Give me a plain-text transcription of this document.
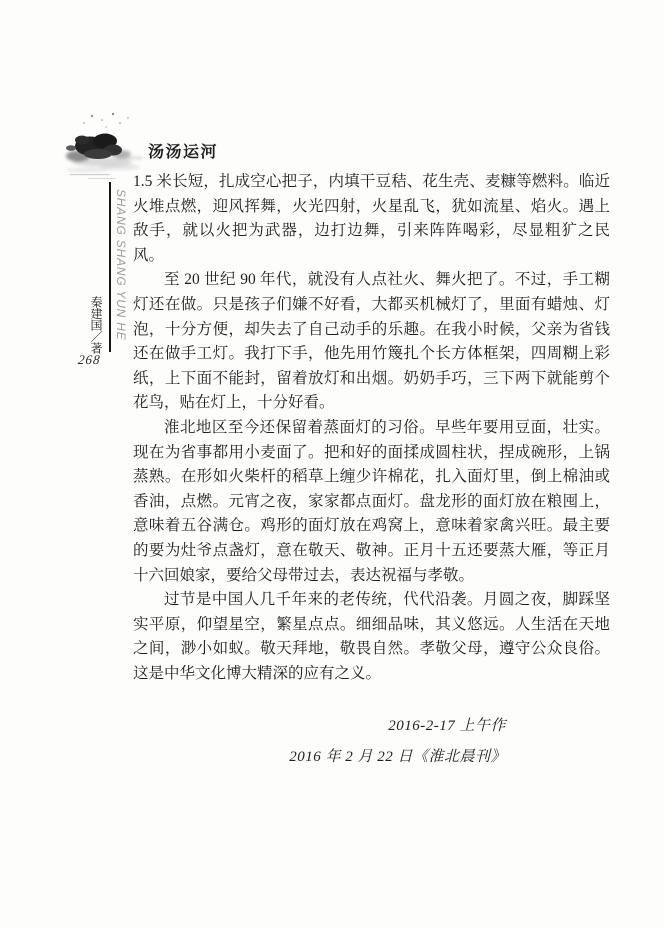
汤汤运河
SHANG SHANG YUN HE
秦建国／著
268

1.5 米长短，扎成空心把子，内填干豆秸、花生壳、麦糠等燃料。临近火堆点燃，迎风挥舞，火光四射，火星乱飞，犹如流星、焰火。遇上敌手，就以火把为武器，边打边舞，引来阵阵喝彩，尽显粗犷之民风。

至 20 世纪 90 年代，就没有人点社火、舞火把了。不过，手工糊灯还在做。只是孩子们嫌不好看，大都买机械灯了，里面有蜡烛、灯泡，十分方便，却失去了自己动手的乐趣。在我小时候，父亲为省钱还在做手工灯。我打下手，他先用竹篾扎个长方体框架，四周糊上彩纸，上下面不能封，留着放灯和出烟。奶奶手巧，三下两下就能剪个花鸟，贴在灯上，十分好看。

淮北地区至今还保留着蒸面灯的习俗。早些年要用豆面，壮实。现在为省事都用小麦面了。把和好的面揉成圆柱状，捏成碗形，上锅蒸熟。在形如火柴杆的稻草上缠少许棉花，扎入面灯里，倒上棉油或香油，点燃。元宵之夜，家家都点面灯。盘龙形的面灯放在粮囤上，意味着五谷满仓。鸡形的面灯放在鸡窝上，意味着家禽兴旺。最主要的要为灶爷点盏灯，意在敬天、敬神。正月十五还要蒸大雁，等正月十六回娘家，要给父母带过去，表达祝福与孝敬。

过节是中国人几千年来的老传统，代代沿袭。月圆之夜，脚踩坚实平原，仰望星空，繁星点点。细细品味，其义悠远。人生活在天地之间，渺小如蚁。敬天拜地，敬畏自然。孝敬父母，遵守公众良俗。这是中华文化博大精深的应有之义。

2016-2-17 上午作
2016 年 2 月 22 日《淮北晨刊》
